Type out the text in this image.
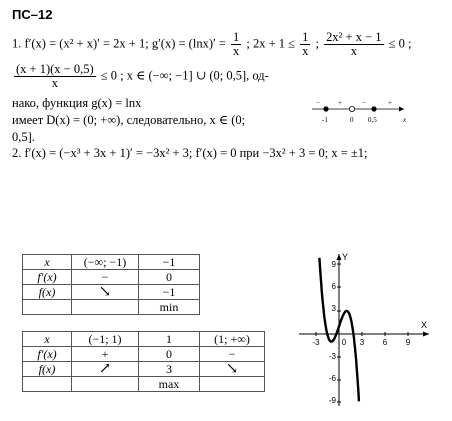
ПС–12
1. f′(x) = (x² + x)′ = 2x + 1; $g'(x) = (\ln x)' = \frac{1}{x}$ ; $2x + 1 \le \frac{1}{x}$ ; $\frac{\text{2x² + x − 1}}{x} \le 0$ ;
$\frac{(x + 1)(x - 0,5)}{x} \le 0$ ; x ∈ (−∞; −1] ∪ (0; 0,5], од-
нако, функция g(x) = lnx
имеет D(x) = (0; +∞), следовательно, x ∈ (0;
0,5].
2. f′(x) = (−x³ + 3x + 1)′ = −3x² + 3; f′(x) = 0 при −3x² + 3 = 0; x = ±1;
−	+	−	+
-1	0 0,5	x
x	(−∞; −1)	−1
f′(x)	−	0
f(x)	↘	−1
		min
x	(−1; 1)	1	(1; +∞)
f′(x)	+	0	−
f(x)	↗	3	↘
		max	
Y
X
9
6
3
-3
-6
-9
-3	3 6 9
0
